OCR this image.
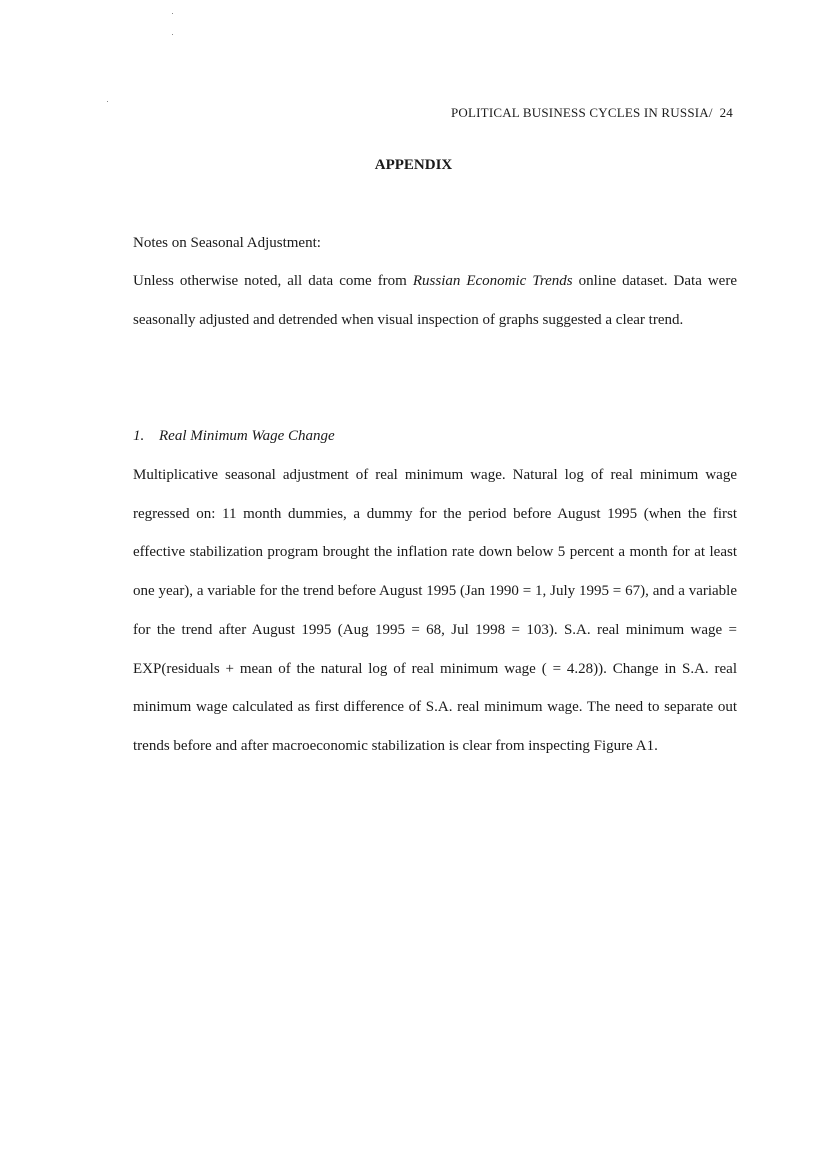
POLITICAL BUSINESS CYCLES IN RUSSIA/ 24
APPENDIX

Notes on Seasonal Adjustment:

Unless otherwise noted, all data come from Russian Economic Trends online dataset. Data were seasonally adjusted and detrended when visual inspection of graphs suggested a clear trend.

1. Real Minimum Wage Change

Multiplicative seasonal adjustment of real minimum wage. Natural log of real minimum wage regressed on: 11 month dummies, a dummy for the period before August 1995 (when the first effective stabilization program brought the inflation rate down below 5 percent a month for at least one year), a variable for the trend before August 1995 (Jan 1990 = 1, July 1995 = 67), and a variable for the trend after August 1995 (Aug 1995 = 68, Jul 1998 = 103). S.A. real minimum wage = EXP(residuals + mean of the natural log of real minimum wage ( = 4.28)). Change in S.A. real minimum wage calculated as first difference of S.A. real minimum wage. The need to separate out trends before and after macroeconomic stabilization is clear from inspecting Figure A1.
